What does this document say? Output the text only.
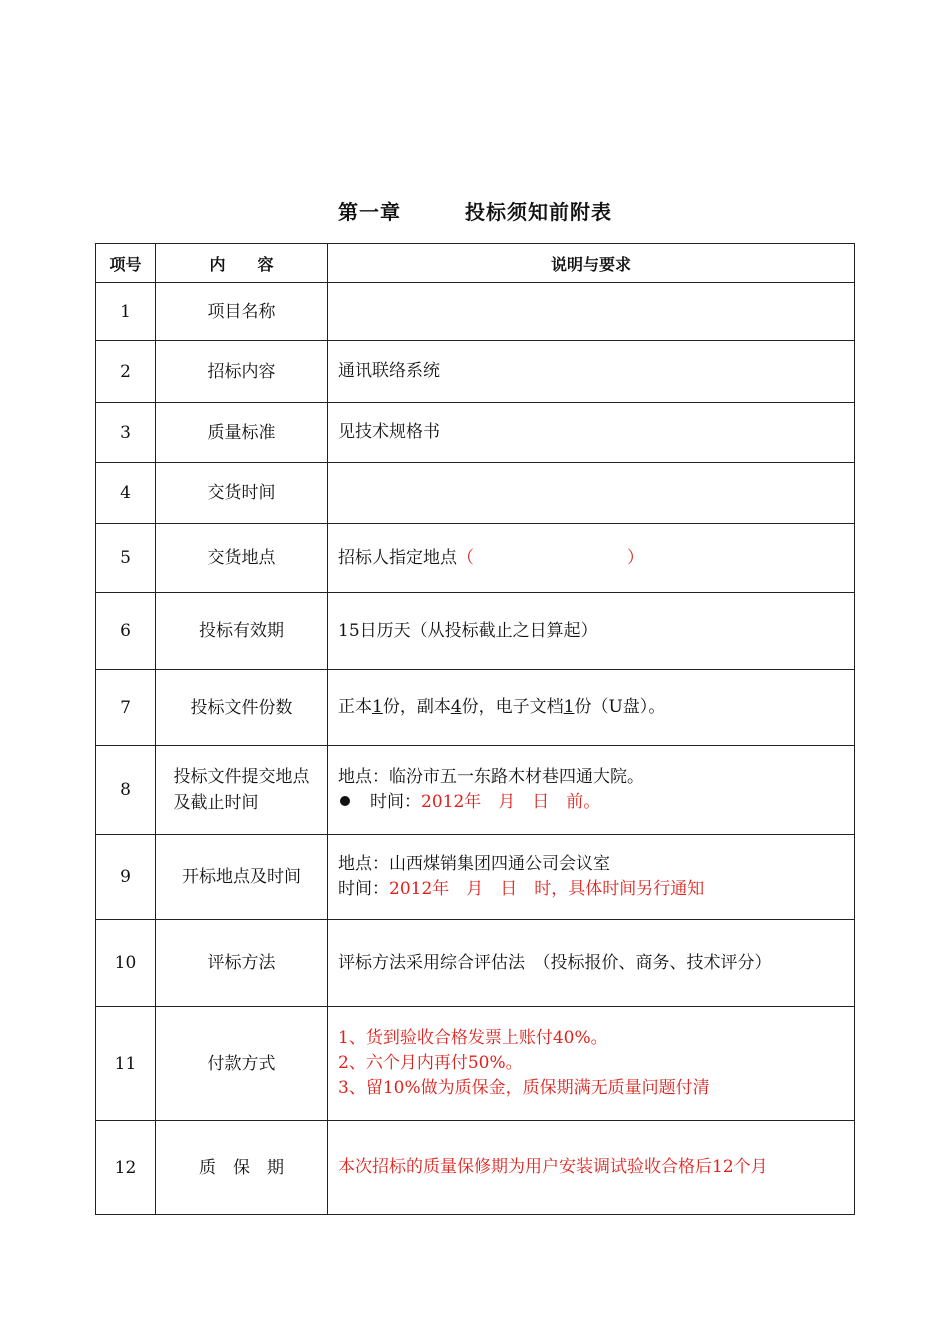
第一章	投标须知前附表
项号	内　　容	说明与要求
1	项目名称	
2	招标内容	通讯联络系统
3	质量标准	见技术规格书
4	交货时间	
5	交货地点	招标人指定地点（　　　　　　　　　）
6	投标有效期	15日历天（从投标截止之日算起）
7	投标文件份数	正本1份，副本4份，电子文档1份（U盘）。
8	投标文件提交地点
及截止时间	地点：临汾市五一东路木材巷四通大院。
时间：2012年　月　日　前。
9	开标地点及时间	地点：山西煤销集团四通公司会议室
时间：2012年　月　日　时，具体时间另行通知
10	评标方法	评标方法采用综合评估法　（投标报价、商务、技术评分）
11	付款方式	1、货到验收合格发票上账付40%。
2、六个月内再付50%。
3、留10%做为质保金，质保期满无质量问题付清
12	质　保　期	本次招标的质量保修期为用户安装调试验收合格后12个月
